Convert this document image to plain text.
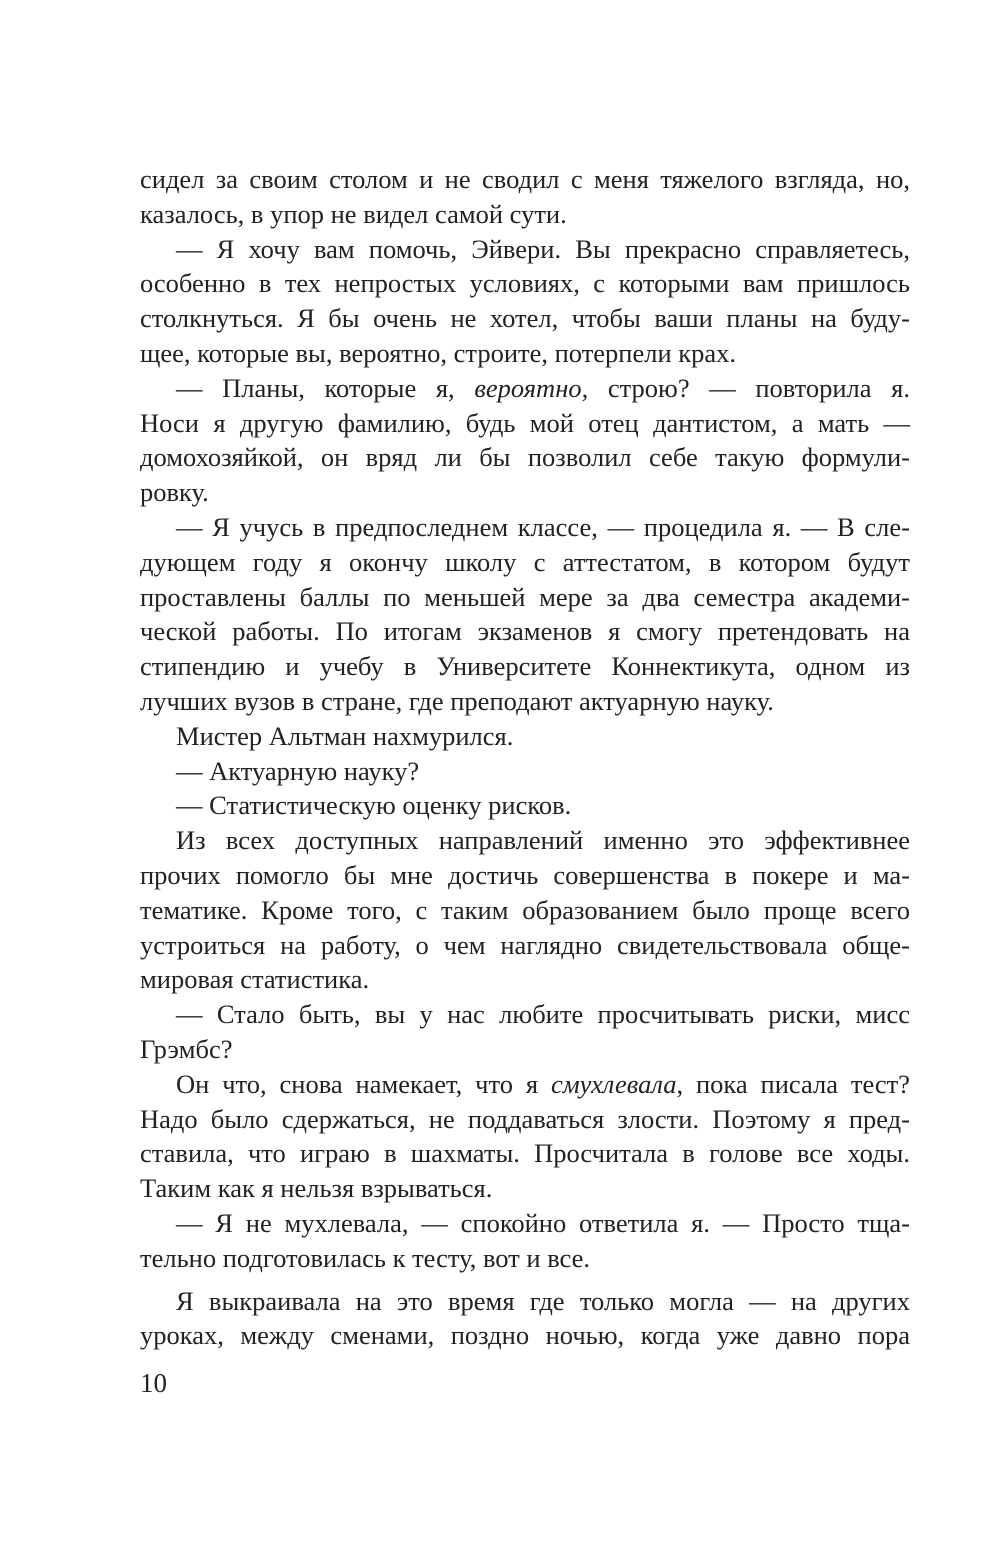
сидел за своим столом и не сводил с меня тяжелого взгляда, но,
казалось, в упор не видел самой сути.
— Я хочу вам помочь, Эйвери. Вы прекрасно справляетесь,
особенно в тех непростых условиях, с которыми вам пришлось
столкнуться. Я бы очень не хотел, чтобы ваши планы на буду-
щее, которые вы, вероятно, строите, потерпели крах.
— Планы, которые я, вероятно, строю? — повторила я.
Носи я другую фамилию, будь мой отец дантистом, а мать —
домохозяйкой, он вряд ли бы позволил себе такую формули-
ровку.
— Я учусь в предпоследнем классе, — процедила я. — В сле-
дующем году я окончу школу с аттестатом, в котором будут
проставлены баллы по меньшей мере за два семестра академи-
ческой работы. По итогам экзаменов я смогу претендовать на
стипендию и учебу в Университете Коннектикута, одном из
лучших вузов в стране, где преподают актуарную науку.
Мистер Альтман нахмурился.
— Актуарную науку?
— Статистическую оценку рисков.
Из всех доступных направлений именно это эффективнее
прочих помогло бы мне достичь совершенства в покере и ма-
тематике. Кроме того, с таким образованием было проще всего
устроиться на работу, о чем наглядно свидетельствовала обще-
мировая статистика.
— Стало быть, вы у нас любите просчитывать риски, мисс
Грэмбс?
Он что, снова намекает, что я смухлевала, пока писала тест?
Надо было сдержаться, не поддаваться злости. Поэтому я пред-
ставила, что играю в шахматы. Просчитала в голове все ходы.
Таким как я нельзя взрываться.
— Я не мухлевала, — спокойно ответила я. — Просто тща-
тельно подготовилась к тесту, вот и все.
Я выкраивала на это время где только могла — на других
уроках, между сменами, поздно ночью, когда уже давно пора
10
